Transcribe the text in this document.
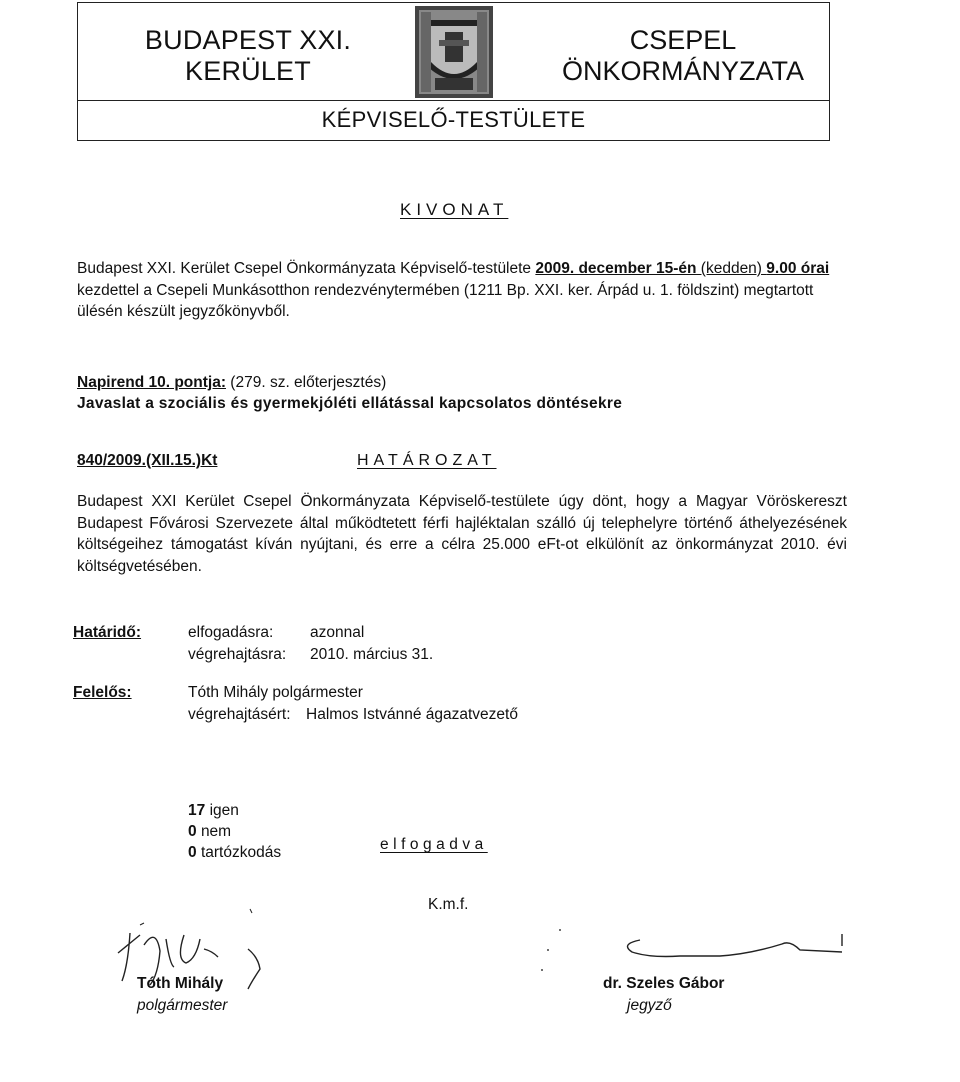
BUDAPEST XXI.
KERÜLET
CSEPEL
ÖNKORMÁNYZATA
KÉPVISELŐ-TESTÜLETE
KIVONAT
Budapest XXI. Kerület Csepel Önkormányzata Képviselő-testülete 2009. december 15-én (kedden) 9.00 órai kezdettel a Csepeli Munkásotthon rendezvénytermében (1211 Bp. XXI. ker. Árpád u. 1. földszint) megtartott ülésén készült jegyzőkönyvből.
Napirend 10. pontja: (279. sz. előterjesztés)
Javaslat a szociális és gyermekjóléti ellátással kapcsolatos döntésekre
840/2009.(XII.15.)Kt	HATÁROZAT
Budapest XXI Kerület Csepel Önkormányzata Képviselő-testülete úgy dönt, hogy a Magyar Vöröskereszt Budapest Fővárosi Szervezete által működtetett férfi hajléktalan szálló új telephelyre történő áthelyezésének költségeihez támogatást kíván nyújtani, és erre a célra 25.000 eFt-ot elkülönít az önkormányzat 2010. évi költségvetésében.
Határidő:	elfogadásra: azonnal
végrehajtásra: 2010. március 31.
Felelős:	Tóth Mihály polgármester
végrehajtásért: Halmos Istvánné ágazatvezető
17 igen
0 nem
0 tartózkodás	elfogadva
K.m.f.
Tóth Mihály
polgármester
dr. Szeles Gábor
jegyző
